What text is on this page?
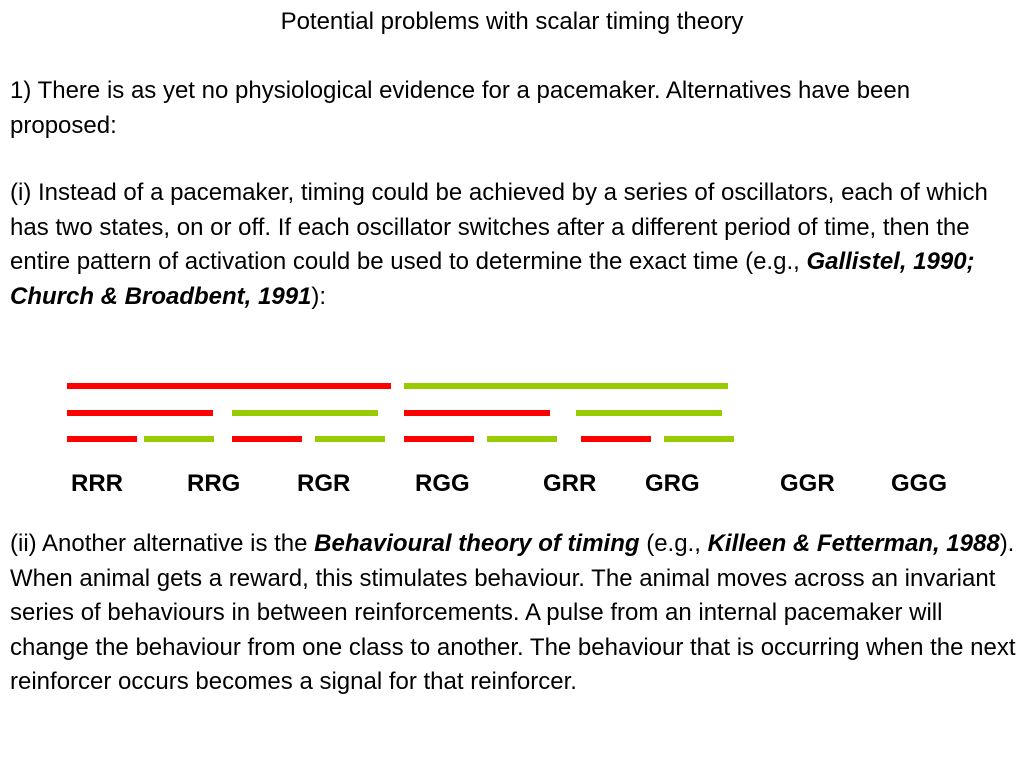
Potential problems with scalar timing theory

1) There is as yet no physiological evidence for a pacemaker. Alternatives have been proposed:

(i) Instead of a pacemaker, timing could be achieved by a series of oscillators, each of which has two states, on or off. If each oscillator switches after a different period of time, then the entire pattern of activation could be used to determine the exact time (e.g., Gallistel, 1990; Church & Broadbent, 1991):

RRR	RRG RGR	RGG	GRR GRG	GGR GGG

(ii) Another alternative is the Behavioural theory of timing (e.g., Killeen & Fetterman, 1988). When animal gets a reward, this stimulates behaviour. The animal moves across an invariant series of behaviours in between reinforcements. A pulse from an internal pacemaker will change the behaviour from one class to another. The behaviour that is occurring when the next reinforcer occurs becomes a signal for that reinforcer.
